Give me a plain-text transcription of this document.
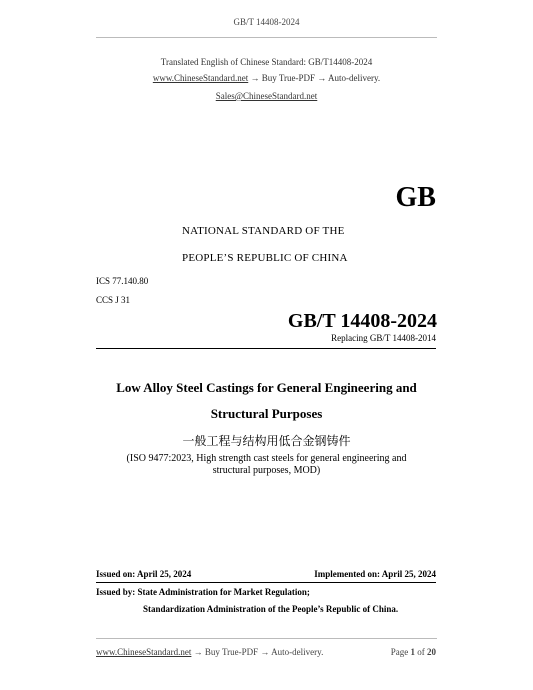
GB/T 14408-2024
Translated English of Chinese Standard: GB/T14408-2024
www.ChineseStandard.net → Buy True-PDF → Auto-delivery.
Sales@ChineseStandard.net
GB
NATIONAL STANDARD OF THE
PEOPLE’S REPUBLIC OF CHINA
ICS 77.140.80
CCS J 31
GB/T 14408-2024
Replacing GB/T 14408-2014
Low Alloy Steel Castings for General Engineering and
Structural Purposes
一般工程与结构用低合金钢铸件
(ISO 9477:2023, High strength cast steels for general engineering and
structural purposes, MOD)
Issued on: April 25, 2024	Implemented on: April 25, 2024
Issued by: State Administration for Market Regulation;
Standardization Administration of the People’s Republic of China.
www.ChineseStandard.net → Buy True-PDF → Auto-delivery.	Page 1 of 20
